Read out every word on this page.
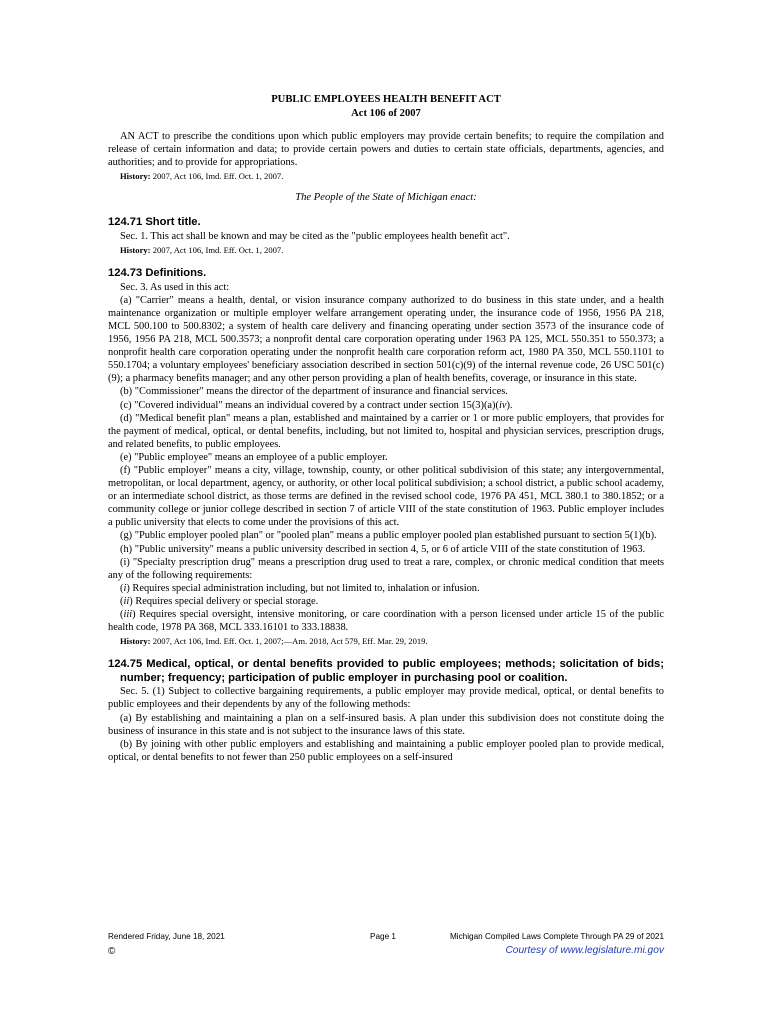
PUBLIC EMPLOYEES HEALTH BENEFIT ACT
Act 106 of 2007

AN ACT to prescribe the conditions upon which public employers may provide certain benefits; to require the compilation and release of certain information and data; to provide certain powers and duties to certain state officials, departments, agencies, and authorities; and to provide for appropriations.

History: 2007, Act 106, Imd. Eff. Oct. 1, 2007.

The People of the State of Michigan enact:
124.71 Short title.

Sec. 1. This act shall be known and may be cited as the "public employees health benefit act".

History: 2007, Act 106, Imd. Eff. Oct. 1, 2007.

124.73 Definitions.

Sec. 3. As used in this act:

(a) "Carrier" means a health, dental, or vision insurance company authorized to do business in this state under, and a health maintenance organization or multiple employer welfare arrangement operating under, the insurance code of 1956, 1956 PA 218, MCL 500.100 to 500.8302; a system of health care delivery and financing operating under section 3573 of the insurance code of 1956, 1956 PA 218, MCL 500.3573; a nonprofit dental care corporation operating under 1963 PA 125, MCL 550.351 to 550.373; a nonprofit health care corporation operating under the nonprofit health care corporation reform act, 1980 PA 350, MCL 550.1101 to 550.1704; a voluntary employees' beneficiary association described in section 501(c)(9) of the internal revenue code, 26 USC 501(c)(9); a pharmacy benefits manager; and any other person providing a plan of health benefits, coverage, or insurance in this state.

(b) "Commissioner" means the director of the department of insurance and financial services.

(c) "Covered individual" means an individual covered by a contract under section 15(3)(a)(iv).

(d) "Medical benefit plan" means a plan, established and maintained by a carrier or 1 or more public employers, that provides for the payment of medical, optical, or dental benefits, including, but not limited to, hospital and physician services, prescription drugs, and related benefits, to public employees.

(e) "Public employee" means an employee of a public employer.

(f) "Public employer" means a city, village, township, county, or other political subdivision of this state; any intergovernmental, metropolitan, or local department, agency, or authority, or other local political subdivision; a school district, a public school academy, or an intermediate school district, as those terms are defined in the revised school code, 1976 PA 451, MCL 380.1 to 380.1852; or a community college or junior college described in section 7 of article VIII of the state constitution of 1963. Public employer includes a public university that elects to come under the provisions of this act.

(g) "Public employer pooled plan" or "pooled plan" means a public employer pooled plan established pursuant to section 5(1)(b).

(h) "Public university" means a public university described in section 4, 5, or 6 of article VIII of the state constitution of 1963.

(i) "Specialty prescription drug" means a prescription drug used to treat a rare, complex, or chronic medical condition that meets any of the following requirements:

(i) Requires special administration including, but not limited to, inhalation or infusion.

(ii) Requires special delivery or special storage.

(iii) Requires special oversight, intensive monitoring, or care coordination with a person licensed under article 15 of the public health code, 1978 PA 368, MCL 333.16101 to 333.18838.

History: 2007, Act 106, Imd. Eff. Oct. 1, 2007;—Am. 2018, Act 579, Eff. Mar. 29, 2019.

124.75 Medical, optical, or dental benefits provided to public employees; methods; solicitation of bids; number; frequency; participation of public employer in purchasing pool or coalition.

Sec. 5. (1) Subject to collective bargaining requirements, a public employer may provide medical, optical, or dental benefits to public employees and their dependents by any of the following methods:

(a) By establishing and maintaining a plan on a self-insured basis. A plan under this subdivision does not constitute doing the business of insurance in this state and is not subject to the insurance laws of this state.

(b) By joining with other public employers and establishing and maintaining a public employer pooled plan to provide medical, optical, or dental benefits to not fewer than 250 public employees on a self-insured

Rendered Friday, June 18, 2021	Page 1	Michigan Compiled Laws Complete Through PA 29 of 2021
©	Courtesy of www.legislature.mi.gov
